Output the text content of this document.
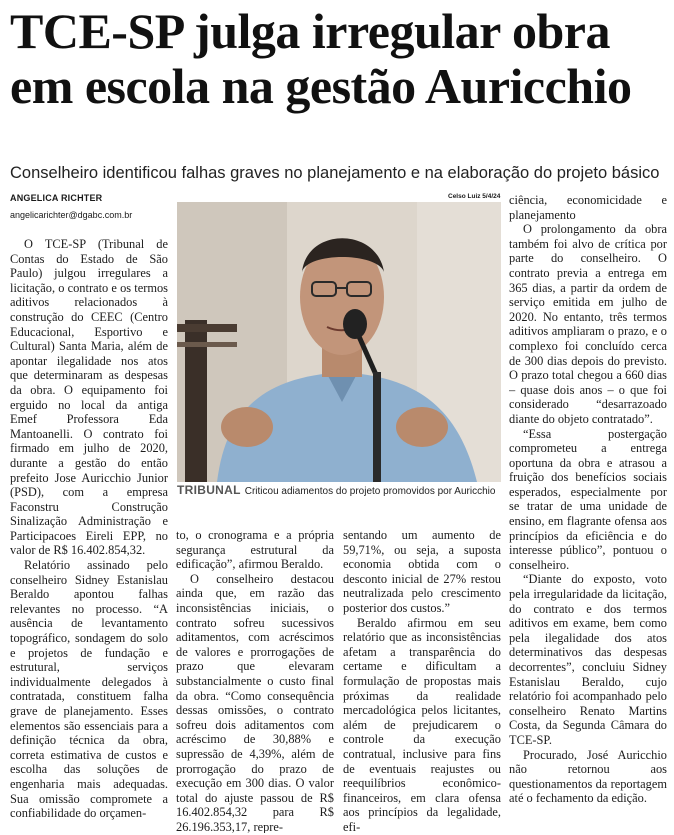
TCE-SP julga irregular obra
em escola na gestão Auricchio
Conselheiro identificou falhas graves no planejamento e na elaboração do projeto básico
ANGELICA RICHTER
angelicarichter@dgabc.com.br
Celso Luiz 5/4/24

O TCE-SP (Tribunal de Contas do Estado de São Paulo) julgou irregulares a licitação, o contrato e os termos aditivos relacionados à construção do CEEC (Centro Educacional, Esportivo e Cultural) Santa Maria, além de apontar ilegalidade nos atos que determinaram as despesas da obra. O equipamento foi erguido no local da antiga Emef Professora Eda Mantoanelli. O contrato foi firmado em julho de 2020, durante a gestão do então prefeito Jose Auricchio Junior (PSD), com a empresa Faconstru Construção Sinalização Administração e Participacoes Eireli EPP, no valor de R$ 16.402.854,32.

Relatório assinado pelo conselheiro Sidney Estanislau Beraldo apontou falhas relevantes no processo. “A ausência de levantamento topográfico, sondagem do solo e projetos de fundação e estrutural, serviços individualmente delegados à contratada, constituem falha grave de planejamento. Esses elementos são essenciais para a definição técnica da obra, correta estimativa de custos e escolha das soluções de engenharia mais adequadas. Sua omissão compromete a confiabilidade do orçamen-

TRIBUNAL Criticou adiamentos do projeto promovidos por Auricchio

to, o cronograma e a própria segurança estrutural da edificação”, afirmou Beraldo.

O conselheiro destacou ainda que, em razão das inconsistências iniciais, o contrato sofreu sucessivos aditamentos, com acréscimos de valores e prorrogações de prazo que elevaram substancialmente o custo final da obra. “Como consequência dessas omissões, o contrato sofreu dois aditamentos com acréscimo de 30,88% e supressão de 4,39%, além de prorrogação do prazo de execução em 300 dias. O valor total do ajuste passou de R$ 16.402.854,32 para R$ 26.196.353,17, repre-

sentando um aumento de 59,71%, ou seja, a suposta economia obtida com o desconto inicial de 27% restou neutralizada pelo crescimento posterior dos custos.”

Beraldo afirmou em seu relatório que as inconsistências afetam a transparência do certame e dificultam a formulação de propostas mais próximas da realidade mercadológica pelos licitantes, além de prejudicarem o controle da execução contratual, inclusive para fins de eventuais reajustes ou reequilíbrios econômico-financeiros, em clara ofensa aos princípios da legalidade, efi-

ciência, economicidade e planejamento

O prolongamento da obra também foi alvo de crítica por parte do conselheiro. O contrato previa a entrega em 365 dias, a partir da ordem de serviço emitida em julho de 2020. No entanto, três termos aditivos ampliaram o prazo, e o complexo foi concluído cerca de 300 dias depois do previsto. O prazo total chegou a 660 dias – quase dois anos – o que foi considerado “desarrazoado diante do objeto contratado”.

“Essa postergação comprometeu a entrega oportuna da obra e atrasou a fruição dos benefícios sociais esperados, especialmente por se tratar de uma unidade de ensino, em flagrante ofensa aos princípios da eficiência e do interesse público”, pontuou o conselheiro.

“Diante do exposto, voto pela irregularidade da licitação, do contrato e dos termos aditivos em exame, bem como pela ilegalidade dos atos determinativos das despesas decorrentes”, concluiu Sidney Estanislau Beraldo, cujo relatório foi acompanhado pelo conselheiro Renato Martins Costa, da Segunda Câmara do TCE-SP.

Procurado, José Auricchio não retornou aos questionamentos da reportagem até o fechamento da edição.
